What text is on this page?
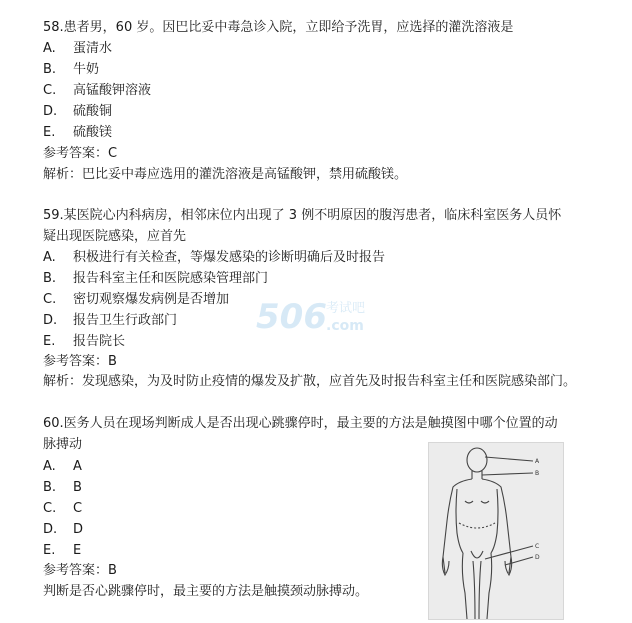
506 考试吧
.com
58.患者男，60 岁。因巴比妥中毒急诊入院，立即给予洗胃，应选择的灌洗溶液是
A. 蛋清水
B. 牛奶
C. 高锰酸钾溶液
D. 硫酸铜
E. 硫酸镁
参考答案：C
解析：巴比妥中毒应选用的灌洗溶液是高锰酸钾，禁用硫酸镁。
59.某医院心内科病房，相邻床位内出现了 3 例不明原因的腹泻患者，临床科室医务人员怀
疑出现医院感染，应首先
A. 积极进行有关检查，等爆发感染的诊断明确后及时报告
B. 报告科室主任和医院感染管理部门
C. 密切观察爆发病例是否增加
D. 报告卫生行政部门
E. 报告院长
参考答案：B
解析：发现感染，为及时防止疫情的爆发及扩散，应首先及时报告科室主任和医院感染部门。
60.医务人员在现场判断成人是否出现心跳骤停时，最主要的方法是触摸图中哪个位置的动
脉搏动
A. A
B. B
C. C
D. D
E. E
参考答案：B
判断是否心跳骤停时，最主要的方法是触摸颈动脉搏动。
A
B
C
D
